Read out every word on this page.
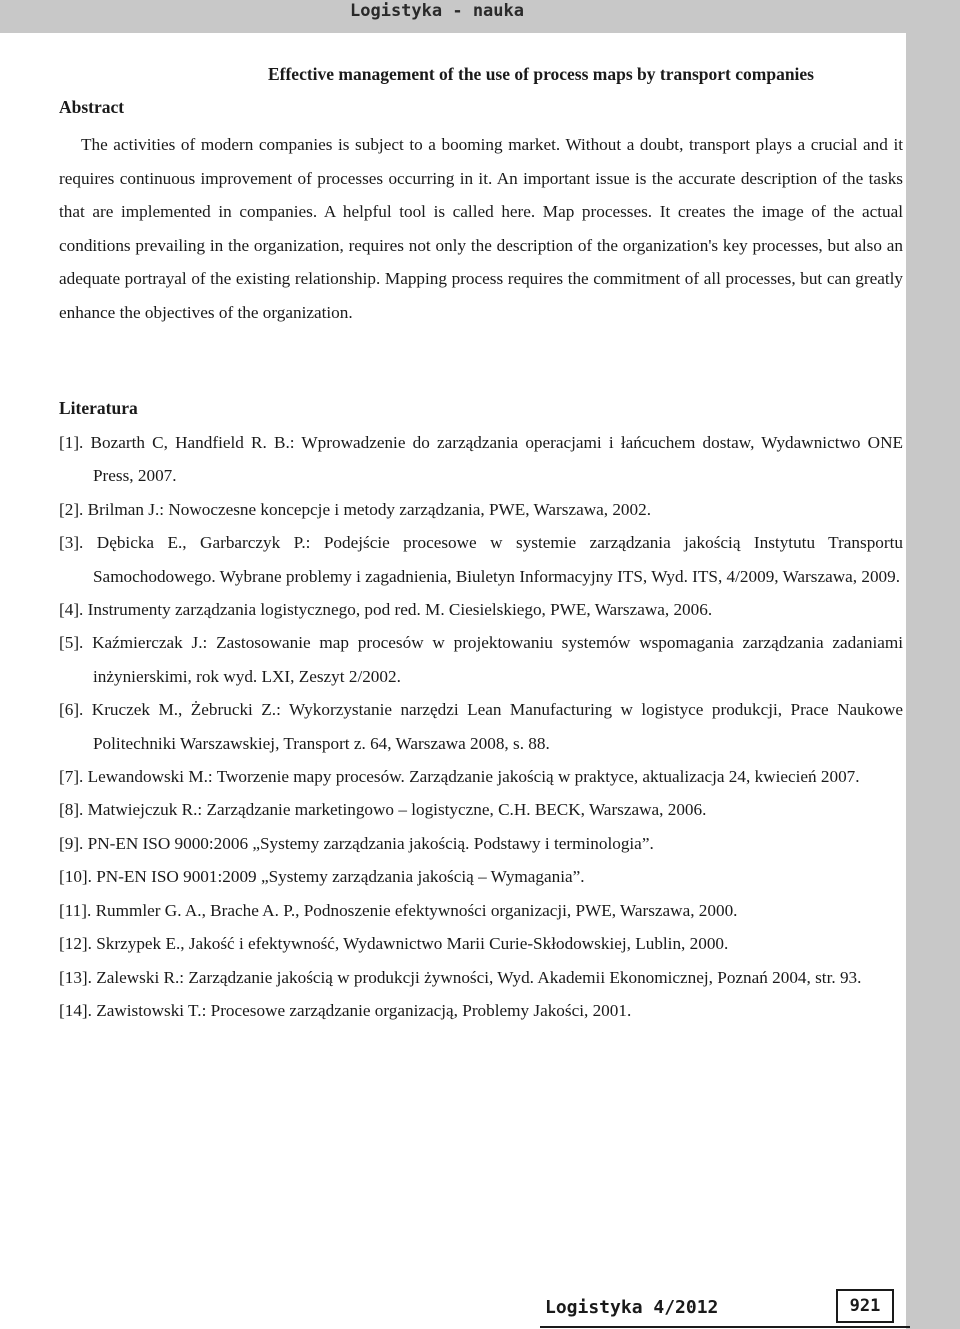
Logistyka - nauka
Effective management of the use of process maps by transport companies
Abstract

The activities of modern companies is subject to a booming market. Without a doubt, transport plays a crucial and it requires continuous improvement of processes occurring in it. An important issue is the accurate description of the tasks that are implemented in companies. A helpful tool is called here. Map processes. It creates the image of the actual conditions prevailing in the organization, requires not only the description of the organization's key processes, but also an adequate portrayal of the existing relationship. Mapping process requires the commitment of all processes, but can greatly enhance the objectives of the organization.

Literatura
[1]. Bozarth C, Handfield R. B.: Wprowadzenie do zarządzania operacjami i łańcuchem dostaw, Wydawnictwo ONE Press, 2007.
[2]. Brilman J.: Nowoczesne koncepcje i metody zarządzania, PWE, Warszawa, 2002.
[3]. Dębicka E., Garbarczyk P.: Podejście procesowe w systemie zarządzania jakością Instytutu Transportu Samochodowego. Wybrane problemy i zagadnienia, Biuletyn Informacyjny ITS, Wyd. ITS, 4/2009, Warszawa, 2009.
[4]. Instrumenty zarządzania logistycznego, pod red. M. Ciesielskiego, PWE, Warszawa, 2006.
[5]. Kaźmierczak J.: Zastosowanie map procesów w projektowaniu systemów wspomagania zarządzania zadaniami inżynierskimi, rok wyd. LXI, Zeszyt 2/2002.
[6]. Kruczek M., Żebrucki Z.: Wykorzystanie narzędzi Lean Manufacturing w logistyce produkcji, Prace Naukowe Politechniki Warszawskiej, Transport z. 64, Warszawa 2008, s. 88.
[7]. Lewandowski M.: Tworzenie mapy procesów. Zarządzanie jakością w praktyce, aktualizacja 24, kwiecień 2007.
[8]. Matwiejczuk R.: Zarządzanie marketingowo – logistyczne, C.H. BECK, Warszawa, 2006.
[9]. PN-EN ISO 9000:2006 „Systemy zarządzania jakością. Podstawy i terminologia”.
[10]. PN-EN ISO 9001:2009 „Systemy zarządzania jakością – Wymagania”.
[11]. Rummler G. A., Brache A. P., Podnoszenie efektywności organizacji, PWE, Warszawa, 2000.
[12]. Skrzypek E., Jakość i efektywność, Wydawnictwo Marii Curie-Skłodowskiej, Lublin, 2000.
[13]. Zalewski R.: Zarządzanie jakością w produkcji żywności, Wyd. Akademii Ekonomicznej, Poznań 2004, str. 93.
[14]. Zawistowski T.: Procesowe zarządzanie organizacją, Problemy Jakości, 2001.
Logistyka 4/2012	921
